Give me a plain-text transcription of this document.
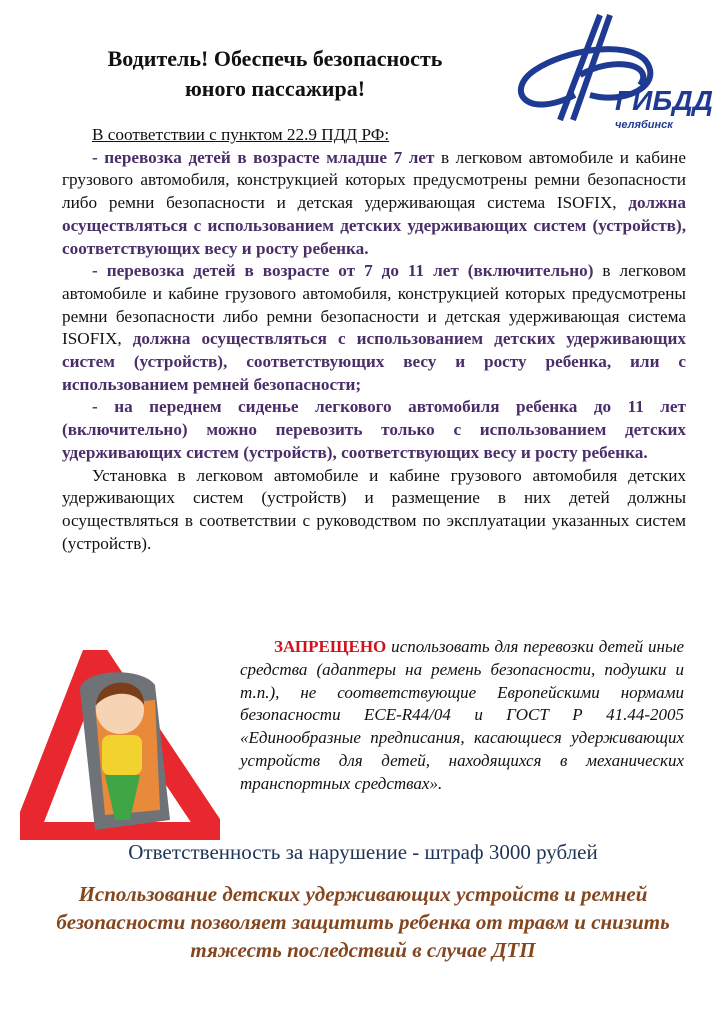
Водитель! Обеспечь безопасность
юного пассажира!	ГИБДД
челябинск

В соответствии с пунктом 22.9 ПДД РФ:

- перевозка детей в возрасте младше 7 лет в легковом автомобиле и кабине грузового автомобиля, конструкцией которых предусмотрены ремни безопасности либо ремни безопасности и детская удерживающая система ISOFIX, должна осуществляться с использованием детских удерживающих систем (устройств), соответствующих весу и росту ребенка.

- перевозка детей в возрасте от 7 до 11 лет (включительно) в легковом автомобиле и кабине грузового автомобиля, конструкцией которых предусмотрены ремни безопасности либо ремни безопасности и детская удерживающая система ISOFIX, должна осуществляться с использованием детских удерживающих систем (устройств), соответствующих весу и росту ребенка, или с использованием ремней безопасности;

- на переднем сиденье легкового автомобиля ребенка до 11 лет (включительно) можно перевозить только с использованием детских удерживающих систем (устройств), соответствующих весу и росту ребенка.

Установка в легковом автомобиле и кабине грузового автомобиля детских удерживающих систем (устройств) и размещение в них детей должны осуществляться в соответствии с руководством по эксплуатации указанных систем (устройств).

ЗАПРЕЩЕНО использовать для перевозки детей иные средства (адаптеры на ремень безопасности, подушки и т.п.), не соответствующие Европейскими нормами безопасности ECE-R44/04 и ГОСТ Р 41.44-2005 «Единообразные предписания, касающиеся удерживающих устройств для детей, находящихся в механических транспортных средствах».
Ответственность за нарушение - штраф 3000 рублей
Использование детских удерживающих устройств и ремней безопасности позволяет защитить ребенка от травм и снизить тяжесть последствий в случае ДТП
